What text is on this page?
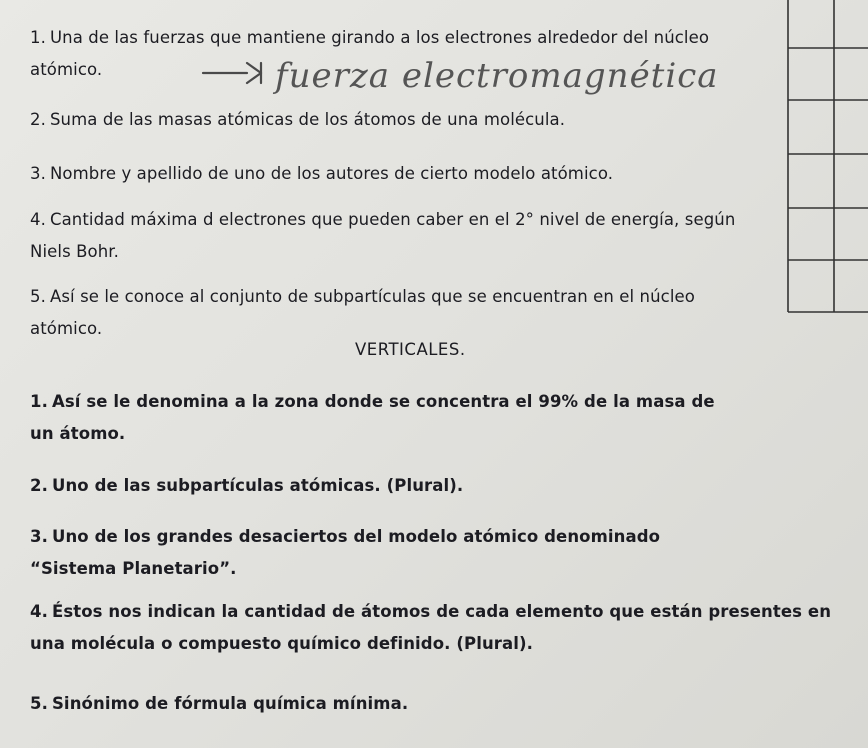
1. Una de las fuerzas que mantiene girando a los electrones alrededor del núcleo atómico.	fuerza electromagnética
2. Suma de las masas atómicas de los átomos de una molécula.
3. Nombre y apellido de uno de los autores de cierto modelo atómico.
4. Cantidad máxima d electrones que pueden caber en el 2° nivel de energía, según Niels Bohr.
5. Así se le conoce al conjunto de subpartículas que se encuentran en el núcleo atómico.
VERTICALES.
1. Así se le denomina a la zona donde se concentra el 99% de la masa de un átomo.
2. Uno de las subpartículas atómicas. (Plural).
3. Uno de los grandes desaciertos del modelo atómico denominado “Sistema Planetario”.
4. Éstos nos indican la cantidad de átomos de cada elemento que están presentes en una molécula o compuesto químico definido. (Plural).
5. Sinónimo de fórmula química mínima.
